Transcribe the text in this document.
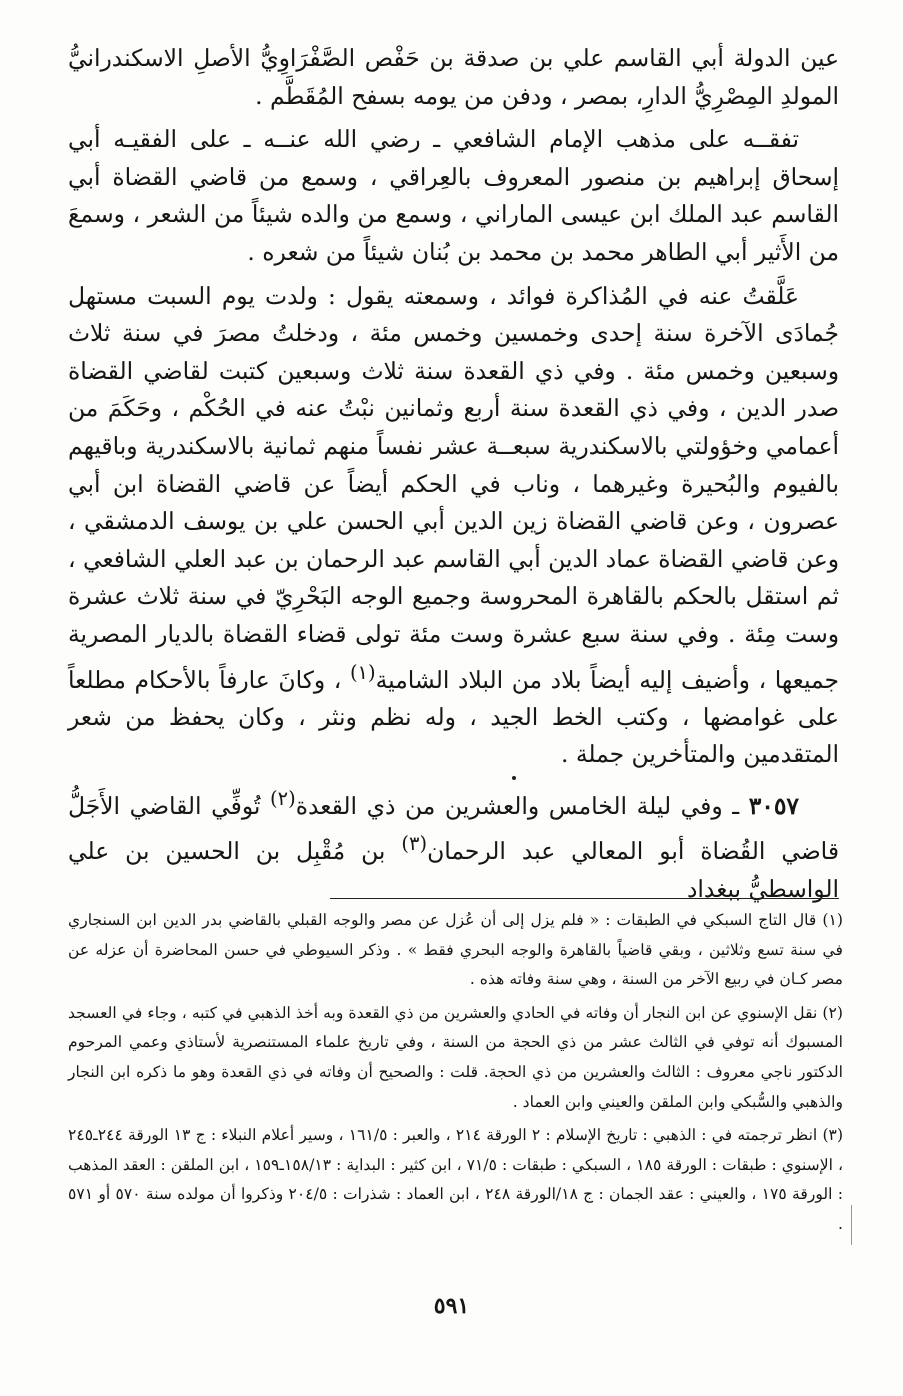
عين الدولة أبي القاسم علي بن صدقة بن حَفْص الصَّفْرَاوِيُّ الأصلِ الاسكندرانيُّ المولدِ المِصْرِيُّ الدارِ، بمصر ، ودفن من يومه بسفح المُقَطَّم .

تفقــه على مذهب الإمام الشافعي ـ رضي الله عنــه ـ على الفقيـه أبي إسحاق إبراهيم بن منصور المعروف بالعِراقي ، وسمع من قاضي القضاة أبي القاسم عبد الملك ابن عيسى الماراني ، وسمع من والده شيئاً من الشعر ، وسمعَ من الأَثير أبي الطاهر محمد بن محمد بن بُنان شيئاً من شعره .

عَلَّقتُ عنه في المُذاكرة فوائد ، وسمعته يقول : ولدت يوم السبت مستهل جُمادَى الآخرة سنة إحدى وخمسين وخمس مئة ، ودخلتُ مصرَ في سنة ثلاث وسبعين وخمس مئة . وفي ذي القعدة سنة ثلاث وسبعين كتبت لقاضي القضاة صدر الدين ، وفي ذي القعدة سنة أربع وثمانين نبْتُ عنه في الحُكْم ، وحَكَمَ من أعمامي وخؤولتي بالاسكندرية سبعــة عشر نفساً منهم ثمانية بالاسكندرية وباقيهم بالفيوم والبُحيرة وغيرهما ، وناب في الحكم أيضاً عن قاضي القضاة ابن أبي عصرون ، وعن قاضي القضاة زين الدين أبي الحسن علي بن يوسف الدمشقي ، وعن قاضي القضاة عماد الدين أبي القاسم عبد الرحمان بن عبد العلي الشافعي ، ثم استقل بالحكم بالقاهرة المحروسة وجميع الوجه البَحْرِيّ في سنة ثلاث عشرة وست مِئة . وفي سنة سبع عشرة وست مئة تولى قضاء القضاة بالديار المصرية جميعها ، وأضيف إليه أيضاً بلاد من البلاد الشامية$^{(١)}$ ، وكانَ عارفاً بالأحكام مطلعاً على غوامضها ، وكتب الخط الجيد ، وله نظم ونثر ، وكان يحفظ من شعر المتقدمين والمتأخرين جملة .

٣٠٥٧ ـ وفي ليلة الخامس والعشرين من ذي القعدة$^{(٢)}$ تُوفِّي القاضي الأَجَلُّ قاضي القُضاة أبو المعالي عبد الرحمان$^{(٣)}$ بن مُقْبِل بن الحسين بن علي الواسطيُّ ببغداد

(١) قال التاج السبكي في الطبقات : « فلم يزل إلى أن عُزل عن مصر والوجه القبلي بالقاضي بدر الدين ابن السنجاري في سنة تسع وثلاثين ، وبقي قاضياً بالقاهرة والوجه البحري فقط » . وذكر السيوطي في حسن المحاضرة أن عزله عن مصر كـان في ربيع الآخر من السنة ، وهي سنة وفاته هذه .

(٢) نقل الإسنوي عن ابن النجار أن وفاته في الحادي والعشرين من ذي القعدة وبه أخذ الذهبي في كتبه ، وجاء في العسجد المسبوك أنه توفي في الثالث عشر من ذي الحجة من السنة ، وفي تاريخ علماء المستنصرية لأستاذي وعمي المرحوم الدكتور ناجي معروف : الثالث والعشرين من ذي الحجة. قلت : والصحيح أن وفاته في ذي القعدة وهو ما ذكره ابن النجار والذهبي والسُّبكي وابن الملقن والعيني وابن العماد .

(٣) انظر ترجمته في : الذهبي : تاريخ الإسلام : ٢ الورقة ٢١٤ ، والعبر : ١٦١/٥ ، وسير أعلام النبلاء : ج ١٣ الورقة ٢٤٤ـ٢٤٥ ، الإسنوي : طبقات : الورقة ١٨٥ ، السبكي : طبقات : ٧١/٥ ، ابن كثير : البداية : ١٥٨/١٣ـ١٥٩ ، ابن الملقن : العقد المذهب : الورقة ١٧٥ ، والعيني : عقد الجمان : ج ١٨/الورقة ٢٤٨ ، ابن العماد : شذرات : ٢٠٤/٥ وذكروا أن مولده سنة ٥٧٠ أو ٥٧١ .

٥٩١
